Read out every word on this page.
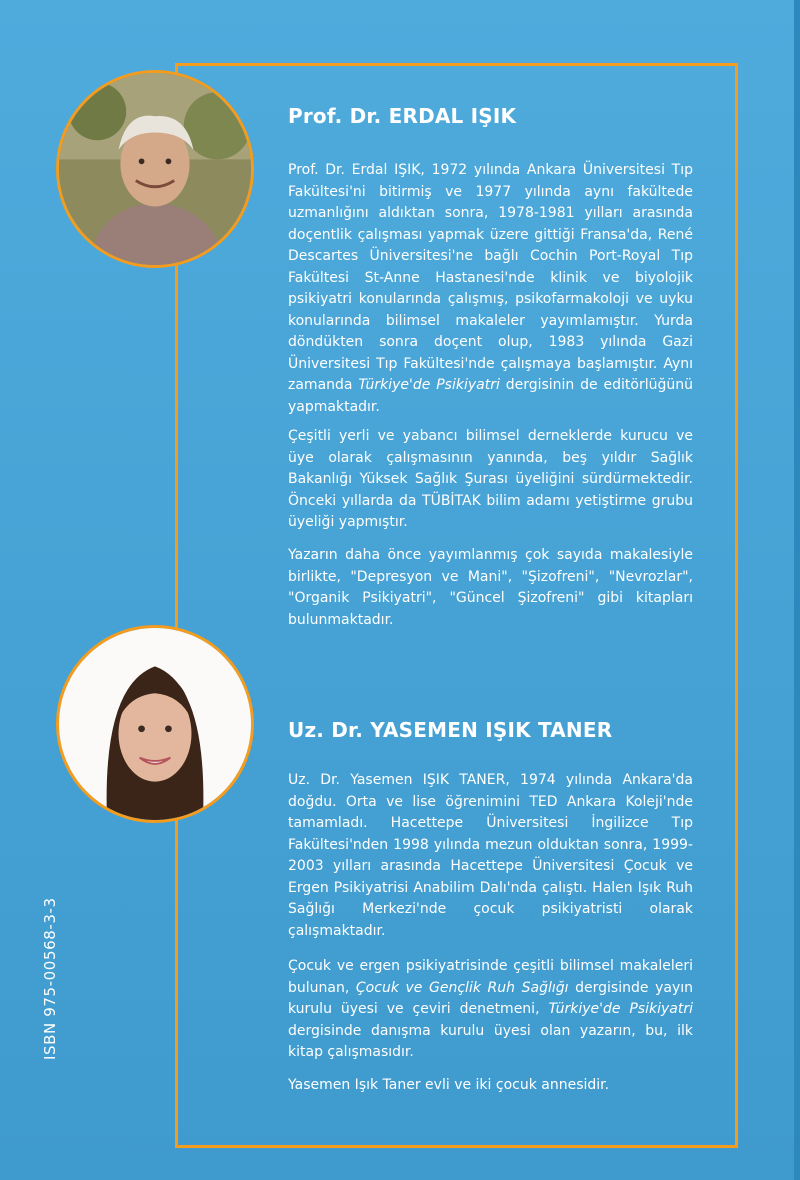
Prof. Dr. ERDAL IŞIK
Prof. Dr. Erdal IŞIK, 1972 yılında Ankara Üniversitesi Tıp Fakültesi'ni bitirmiş ve 1977 yılında aynı fakültede uzmanlığını aldıktan sonra, 1978-1981 yılları arasında doçentlik çalışması yapmak üzere gittiği Fransa'da, René Descartes Üniversitesi'ne bağlı Cochin Port-Royal Tıp Fakültesi St-Anne Hastanesi'nde klinik ve biyolojik psikiyatri konularında çalışmış, psikofarmakoloji ve uyku konularında bilimsel makaleler yayımlamıştır. Yurda döndükten sonra doçent olup, 1983 yılında Gazi Üniversitesi Tıp Fakültesi'nde çalışmaya başlamıştır. Aynı zamanda Türkiye'de Psikiyatri dergisinin de editörlüğünü yapmaktadır.
Çeşitli yerli ve yabancı bilimsel derneklerde kurucu ve üye olarak çalışmasının yanında, beş yıldır Sağlık Bakanlığı Yüksek Sağlık Şurası üyeliğini sürdürmektedir. Önceki yıllarda da TÜBİTAK bilim adamı yetiştirme grubu üyeliği yapmıştır.
Yazarın daha önce yayımlanmış çok sayıda makalesiyle birlikte, "Depresyon ve Mani", "Şizofreni", "Nevrozlar", "Organik Psikiyatri", "Güncel Şizofreni" gibi kitapları bulunmaktadır.
Uz. Dr. YASEMEN IŞIK TANER
Uz. Dr. Yasemen IŞIK TANER, 1974 yılında Ankara'da doğdu. Orta ve lise öğrenimini TED Ankara Koleji'nde tamamladı. Hacettepe Üniversitesi İngilizce Tıp Fakültesi'nden 1998 yılında mezun olduktan sonra, 1999-2003 yılları arasında Hacettepe Üniversitesi Çocuk ve Ergen Psikiyatrisi Anabilim Dalı'nda çalıştı. Halen Işık Ruh Sağlığı Merkezi'nde çocuk psikiyatristi olarak çalışmaktadır.
Çocuk ve ergen psikiyatrisinde çeşitli bilimsel makaleleri bulunan, Çocuk ve Gençlik Ruh Sağlığı dergisinde yayın kurulu üyesi ve çeviri denetmeni, Türkiye'de Psikiyatri dergisinde danışma kurulu üyesi olan yazarın, bu, ilk kitap çalışmasıdır.
Yasemen Işık Taner evli ve iki çocuk annesidir.
ISBN 975-00568-3-3
